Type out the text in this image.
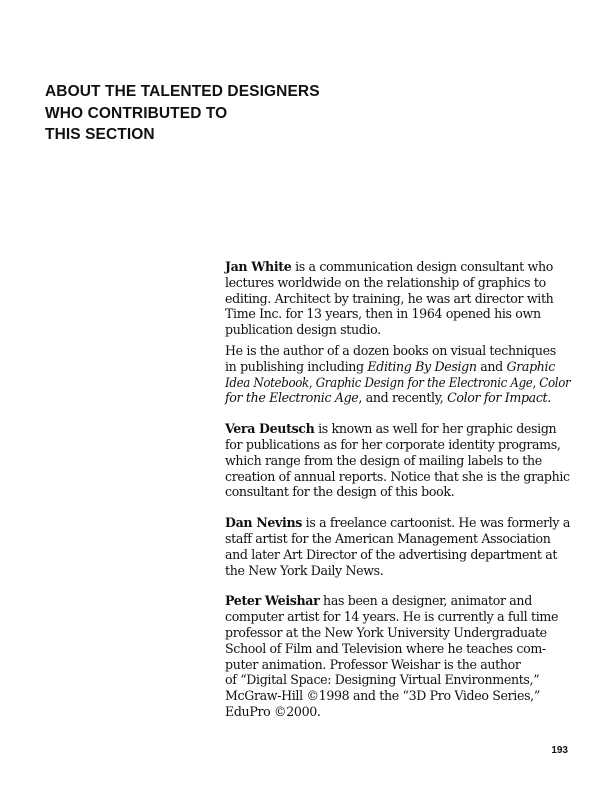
ABOUT THE TALENTED DESIGNERS
WHO CONTRIBUTED TO
THIS SECTION

Jan White is a communication design consultant who
lectures worldwide on the relationship of graphics to
editing. Architect by training, he was art director with
Time Inc. for 13 years, then in 1964 opened his own
publication design studio.

He is the author of a dozen books on visual techniques
in publishing including Editing By Design and Graphic
Idea Notebook, Graphic Design for the Electronic Age, Color
for the Electronic Age, and recently, Color for Impact.

Vera Deutsch is known as well for her graphic design
for publications as for her corporate identity programs,
which range from the design of mailing labels to the
creation of annual reports. Notice that she is the graphic
consultant for the design of this book.

Dan Nevins is a freelance cartoonist. He was formerly a
staff artist for the American Management Association
and later Art Director of the advertising department at
the New York Daily News.

Peter Weishar has been a designer, animator and
computer artist for 14 years. He is currently a full time
professor at the New York University Undergraduate
School of Film and Television where he teaches com-
puter animation. Professor Weishar is the author
of “Digital Space: Designing Virtual Environments,”
McGraw-Hill ©1998 and the “3D Pro Video Series,”
EduPro ©2000.

193
